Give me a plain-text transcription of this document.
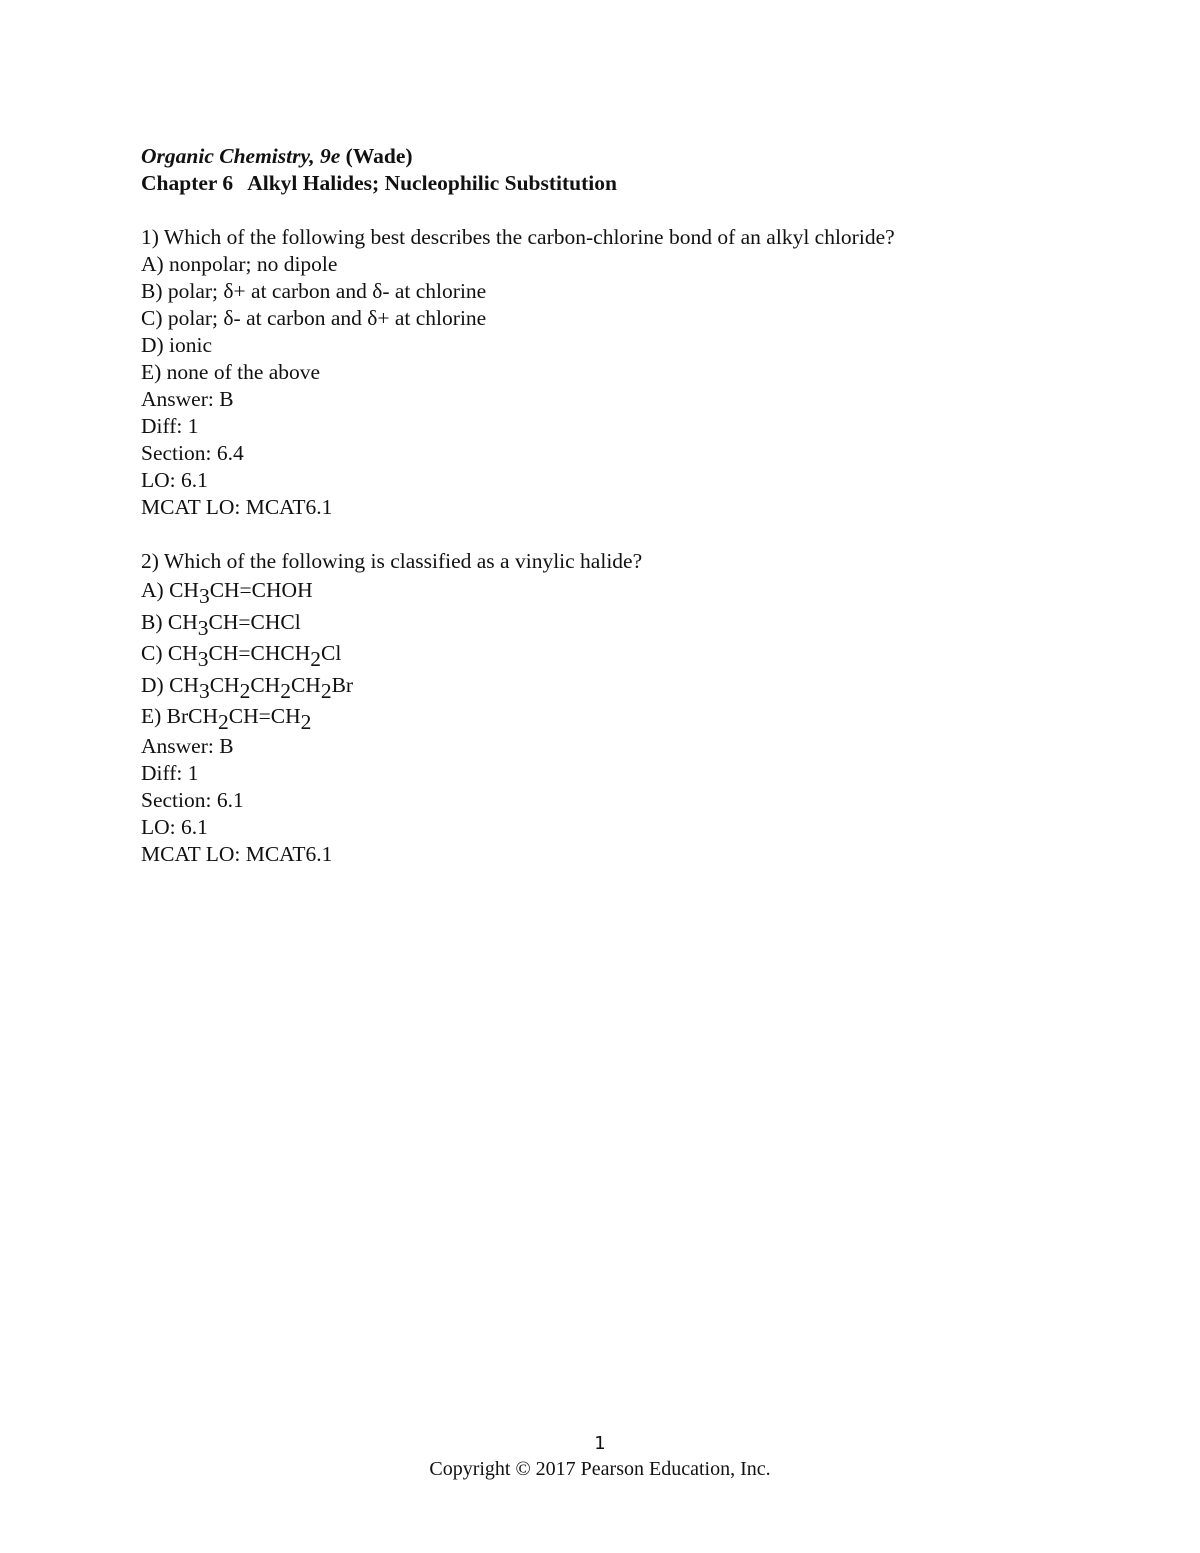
Organic Chemistry, 9e (Wade)

Chapter 6 Alkyl Halides; Nucleophilic Substitution

1) Which of the following best describes the carbon-chlorine bond of an alkyl chloride?

A) nonpolar; no dipole

B) polar; δ+ at carbon and δ- at chlorine

C) polar; δ- at carbon and δ+ at chlorine

D) ionic

E) none of the above

Answer: B

Diff: 1

Section: 6.4

LO: 6.1

MCAT LO: MCAT6.1

2) Which of the following is classified as a vinylic halide?

A) $CH_3CH=CHOH$

B) $CH_3CH=CHCl$

C) $CH_3CH=CHCH_2Cl$

D) $CH_3CH_2CH_2CH_2Br$

E) $BrCH_2CH=CH_2$

Answer: B

Diff: 1

Section: 6.1

LO: 6.1

MCAT LO: MCAT6.1

1
Copyright © 2017 Pearson Education, Inc.
